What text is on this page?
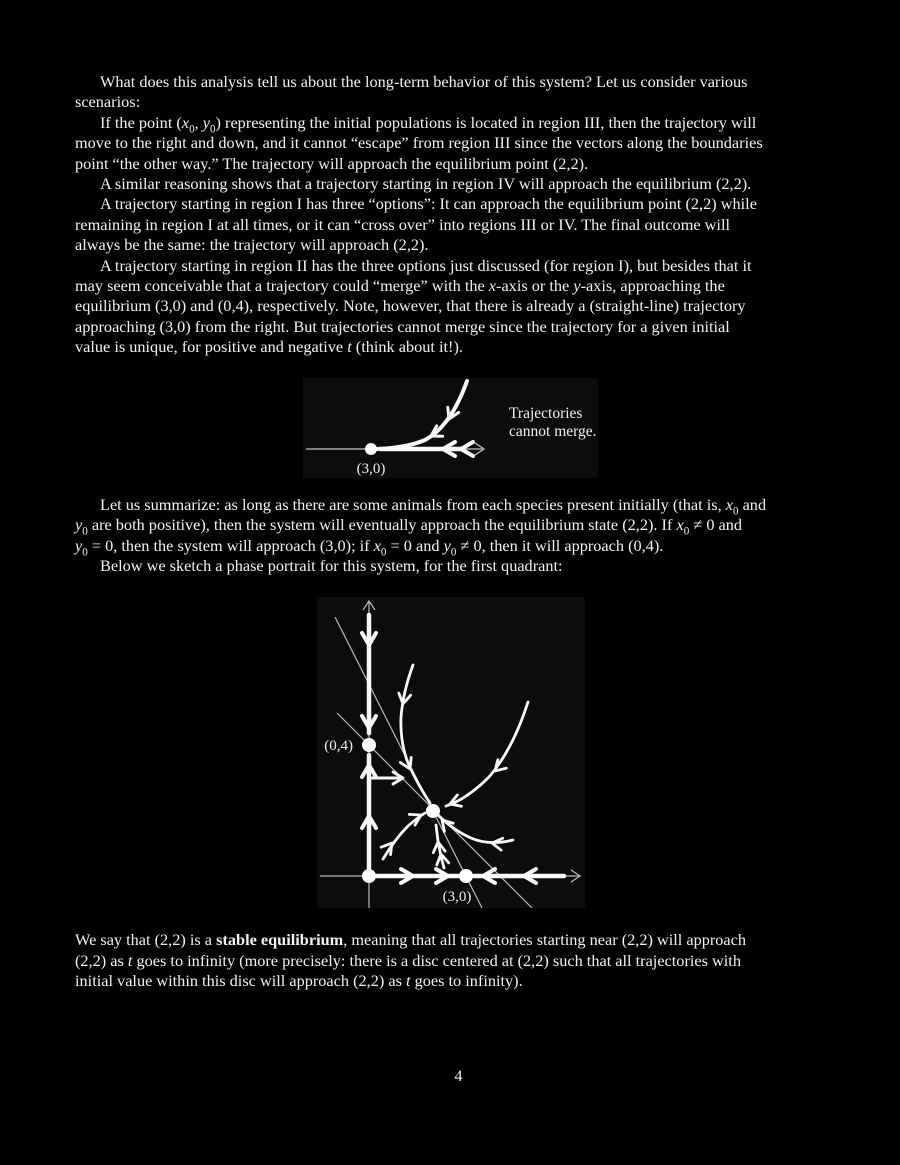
What does this analysis tell us about the long-term behavior of this system? Let us consider various
scenarios:

If the point ($x_0$, $y_0$) representing the initial populations is located in region III, then the trajectory will
move to the right and down, and it cannot “escape” from region III since the vectors along the boundaries
point “the other way.” The trajectory will approach the equilibrium point (2,2).

A similar reasoning shows that a trajectory starting in region IV will approach the equilibrium (2,2).

A trajectory starting in region I has three “options”: It can approach the equilibrium point (2,2) while
remaining in region I at all times, or it can “cross over” into regions III or IV. The final outcome will
always be the same: the trajectory will approach (2,2).

A trajectory starting in region II has the three options just discussed (for region I), but besides that it
may seem conceivable that a trajectory could “merge” with the x-axis or the y-axis, approaching the
equilibrium (3,0) and (0,4), respectively. Note, however, that there is already a (straight-line) trajectory
approaching (3,0) from the right. But trajectories cannot merge since the trajectory for a given initial
value is unique, for positive and negative t (think about it!).

(3,0)
Trajectories
cannot merge.

Let us summarize: as long as there are some animals from each species present initially (that is, $x_0$ and
$y_0$ are both positive), then the system will eventually approach the equilibrium state (2,2). If $x_0 \ne 0$ and
$y_0 = 0$, then the system will approach (3,0); if $x_0 = 0$ and $y_0 \ne 0$, then it will approach (0,4).

Below we sketch a phase portrait for this system, for the first quadrant:

(0,4)
(3,0)

We say that (2,2) is a stable equilibrium, meaning that all trajectories starting near (2,2) will approach
(2,2) as t goes to infinity (more precisely: there is a disc centered at (2,2) such that all trajectories with
initial value within this disc will approach (2,2) as t goes to infinity).

4
